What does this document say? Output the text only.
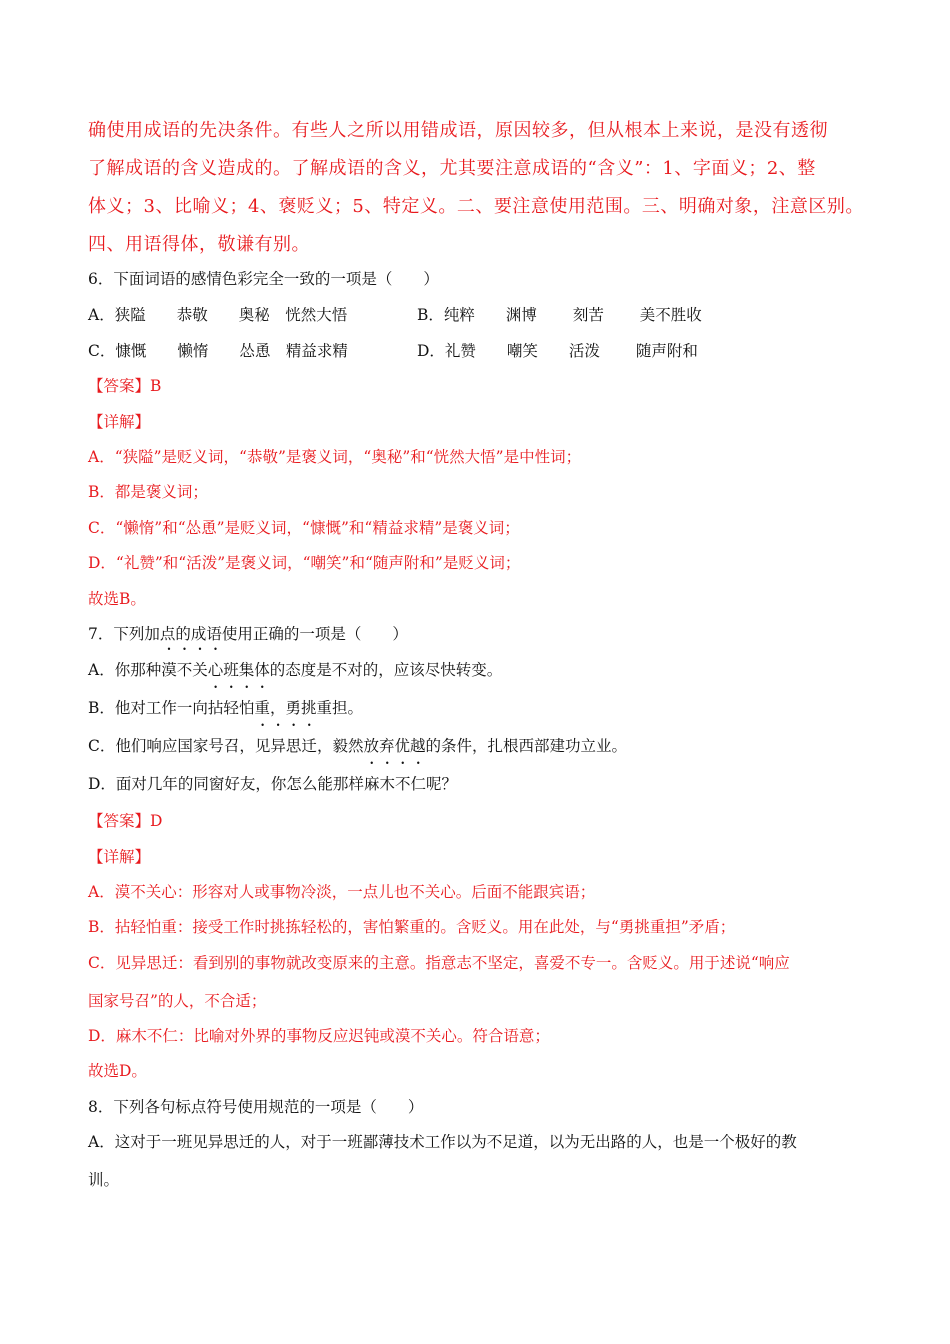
确使用成语的先决条件。有些人之所以用错成语，原因较多，但从根本上来说，是没有透彻
了解成语的含义造成的。了解成语的含义，尤其要注意成语的“含义”：1、字面义；2、整
体义；3、比喻义；4、褒贬义；5、特定义。二、要注意使用范围。三、明确对象，注意区别。
四、用语得体，敬谦有别。
6．下面词语的感情色彩完全一致的一项是（　　）
A．狭隘　　恭敬　　奥秘　恍然大悟	B．纯粹　　渊博　　 刻苦　　 美不胜收
C．慷慨　　懒惰　　怂恿　精益求精	D．礼赞　　嘲笑　　活泼　　 随声附和
【答案】B
【详解】
A．“狭隘”是贬义词，“恭敬”是褒义词，“奥秘”和“恍然大悟”是中性词；
B．都是褒义词；
C．“懒惰”和“怂恿”是贬义词，“慷慨”和“精益求精”是褒义词；
D．“礼赞”和“活泼”是褒义词，“嘲笑”和“随声附和”是贬义词；
故选B。
7．下列加点的成语使用正确的一项是（　　）
A．你那种漠不关心班集体的态度是不对的，应该尽快转变。
B．他对工作一向拈轻怕重，勇挑重担。
C．他们响应国家号召，见异思迁，毅然放弃优越的条件，扎根西部建功立业。
D．面对几年的同窗好友，你怎么能那样麻木不仁呢？
【答案】D
【详解】
A．漠不关心：形容对人或事物冷淡，一点儿也不关心。后面不能跟宾语；
B．拈轻怕重：接受工作时挑拣轻松的，害怕繁重的。含贬义。用在此处，与“勇挑重担”矛盾；
C．见异思迁：看到别的事物就改变原来的主意。指意志不坚定，喜爱不专一。含贬义。用于述说“响应
国家号召”的人，不合适；
D．麻木不仁：比喻对外界的事物反应迟钝或漠不关心。符合语意；
故选D。
8．下列各句标点符号使用规范的一项是（　　）
A．这对于一班见异思迁的人，对于一班鄙薄技术工作以为不足道，以为无出路的人，也是一个极好的教
训。
